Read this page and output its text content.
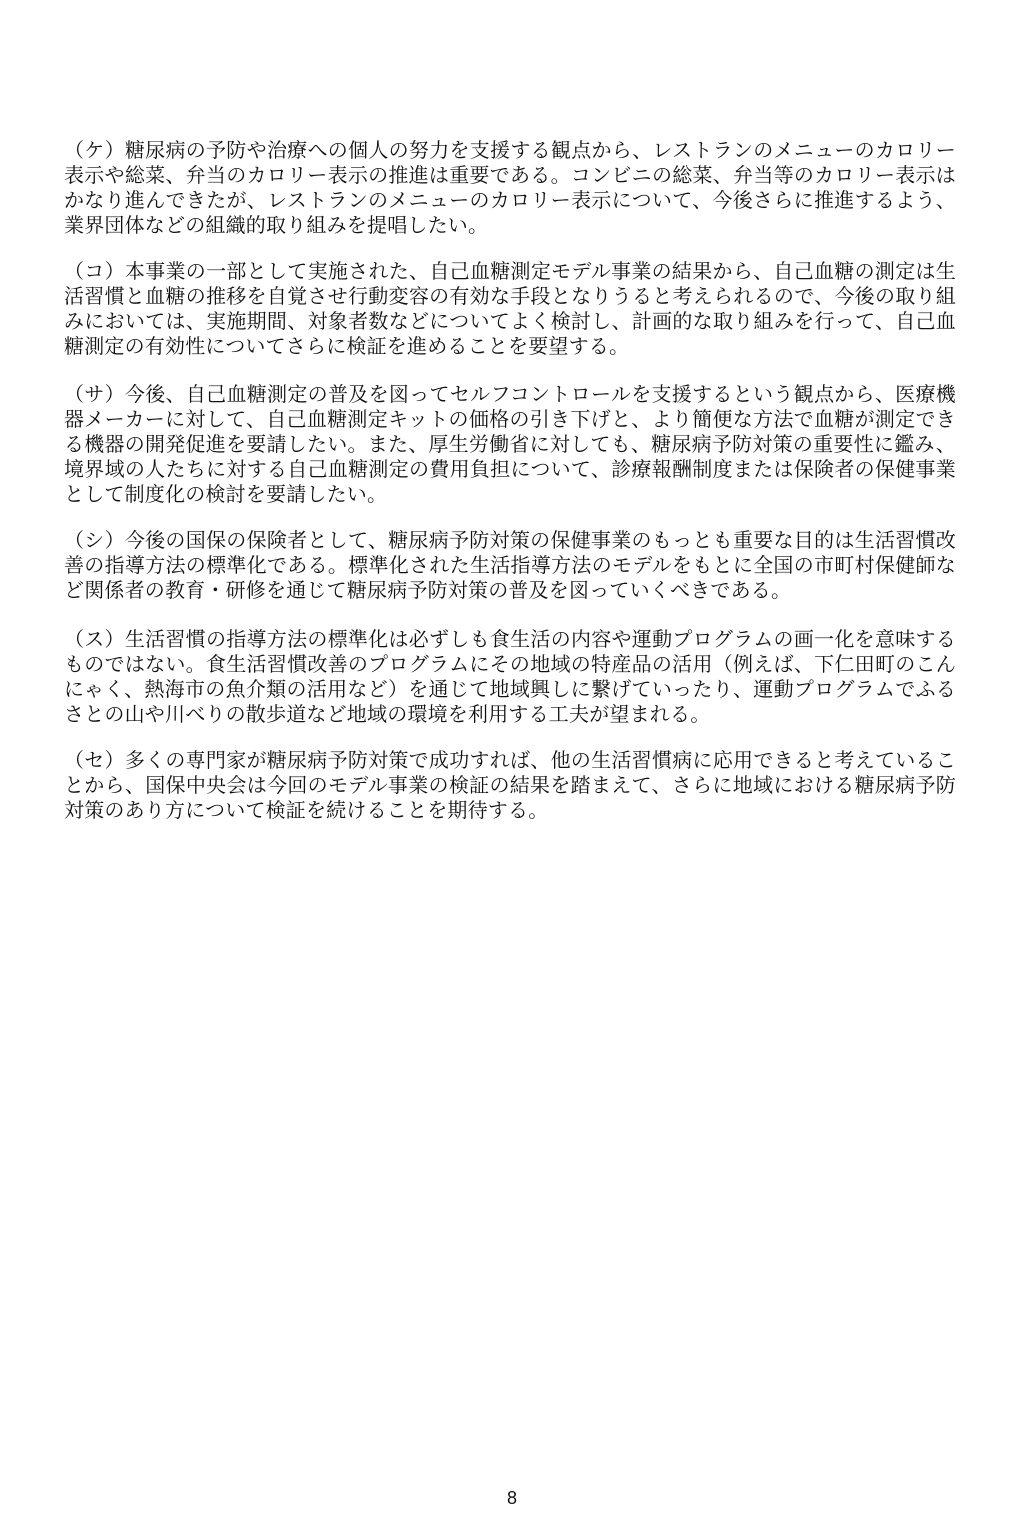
（ケ）糖尿病の予防や治療への個人の努力を支援する観点から、レストランのメニューのカロリー表示や総菜、弁当のカロリー表示の推進は重要である。コンビニの総菜、弁当等のカロリー表示はかなり進んできたが、レストランのメニューのカロリー表示について、今後さらに推進するよう、業界団体などの組織的取り組みを提唱したい。

（コ）本事業の一部として実施された、自己血糖測定モデル事業の結果から、自己血糖の測定は生活習慣と血糖の推移を自覚させ行動変容の有効な手段となりうると考えられるので、今後の取り組みにおいては、実施期間、対象者数などについてよく検討し、計画的な取り組みを行って、自己血糖測定の有効性についてさらに検証を進めることを要望する。

（サ）今後、自己血糖測定の普及を図ってセルフコントロールを支援するという観点から、医療機器メーカーに対して、自己血糖測定キットの価格の引き下げと、より簡便な方法で血糖が測定できる機器の開発促進を要請したい。また、厚生労働省に対しても、糖尿病予防対策の重要性に鑑み、境界域の人たちに対する自己血糖測定の費用負担について、診療報酬制度または保険者の保健事業として制度化の検討を要請したい。

（シ）今後の国保の保険者として、糖尿病予防対策の保健事業のもっとも重要な目的は生活習慣改善の指導方法の標準化である。標準化された生活指導方法のモデルをもとに全国の市町村保健師など関係者の教育・研修を通じて糖尿病予防対策の普及を図っていくべきである。

（ス）生活習慣の指導方法の標準化は必ずしも食生活の内容や運動プログラムの画一化を意味するものではない。食生活習慣改善のプログラムにその地域の特産品の活用（例えば、下仁田町のこんにゃく、熱海市の魚介類の活用など）を通じて地域興しに繋げていったり、運動プログラムでふるさとの山や川べりの散歩道など地域の環境を利用する工夫が望まれる。

（セ）多くの専門家が糖尿病予防対策で成功すれば、他の生活習慣病に応用できると考えていることから、国保中央会は今回のモデル事業の検証の結果を踏まえて、さらに地域における糖尿病予防対策のあり方について検証を続けることを期待する。

8
